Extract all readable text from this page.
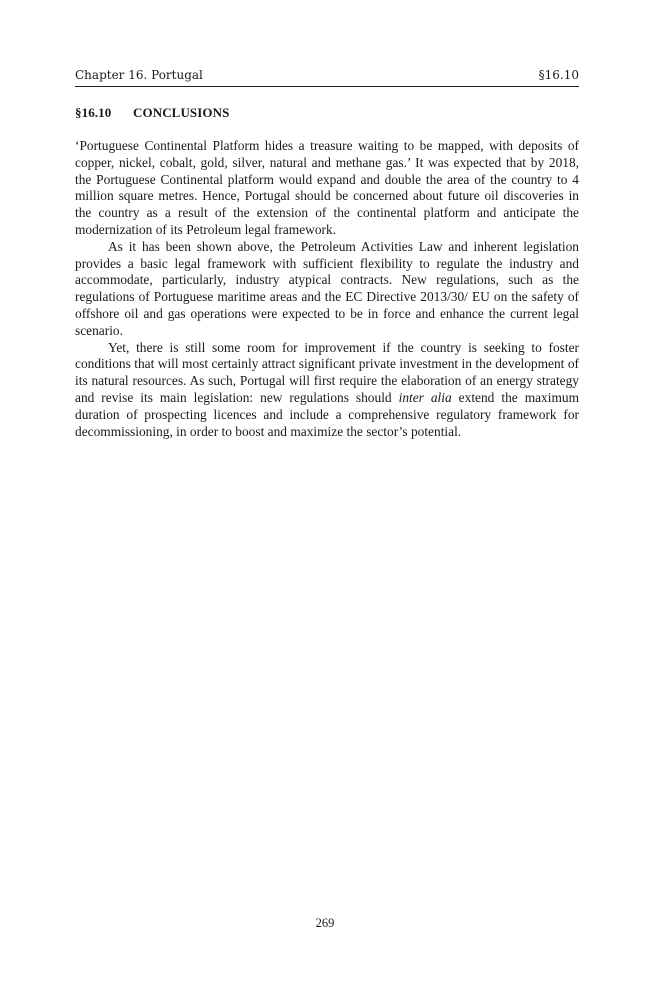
Chapter 16. Portugal	§16.10
§16.10 CONCLUSIONS

‘Portuguese Continental Platform hides a treasure waiting to be mapped, with deposits of copper, nickel, cobalt, gold, silver, natural and methane gas.’ It was expected that by 2018, the Portuguese Continental platform would expand and double the area of the country to 4 million square metres. Hence, Portugal should be concerned about future oil discoveries in the country as a result of the extension of the continental platform and anticipate the modernization of its Petroleum legal framework.

As it has been shown above, the Petroleum Activities Law and inherent legislation provides a basic legal framework with sufficient flexibility to regulate the industry and accommodate, particularly, industry atypical contracts. New regulations, such as the regulations of Portuguese maritime areas and the EC Directive 2013/30/ EU on the safety of offshore oil and gas operations were expected to be in force and enhance the current legal scenario.

Yet, there is still some room for improvement if the country is seeking to foster conditions that will most certainly attract significant private investment in the development of its natural resources. As such, Portugal will first require the elaboration of an energy strategy and revise its main legislation: new regulations should inter alia extend the maximum duration of prospecting licences and include a comprehensive regulatory framework for decommissioning, in order to boost and maximize the sector’s potential.

269
